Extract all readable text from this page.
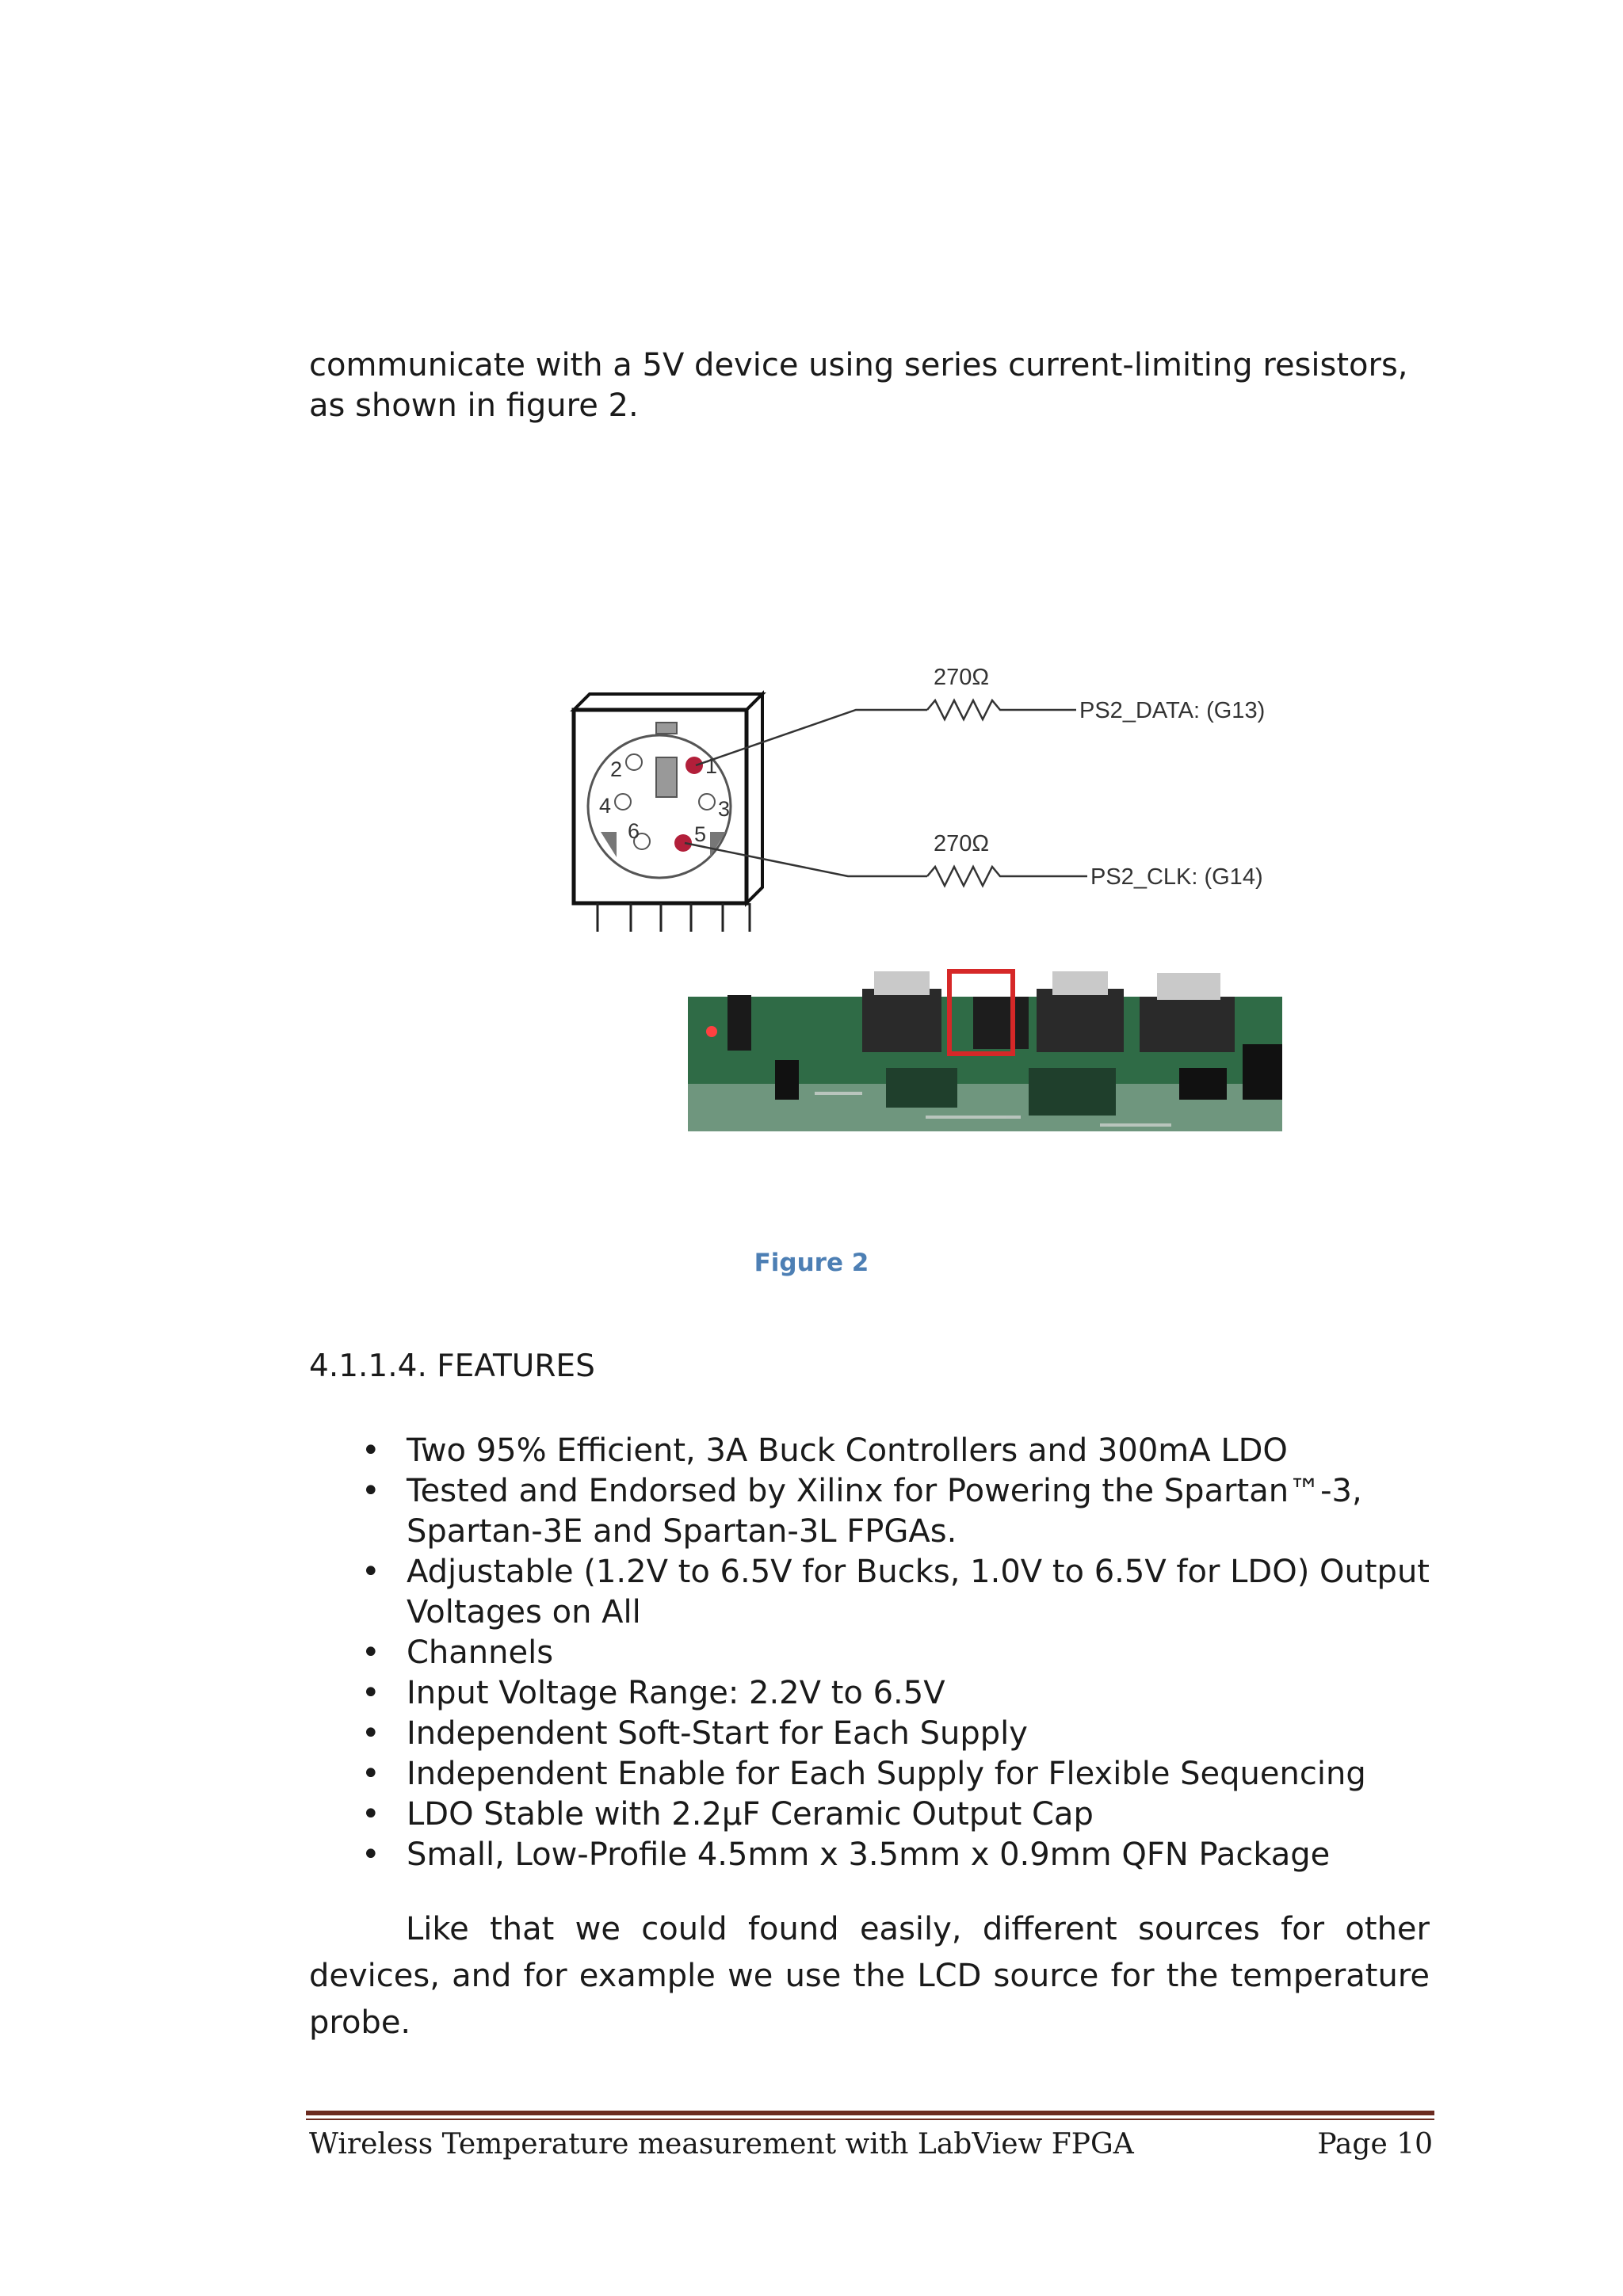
communicate with a 5V device using series current-limiting resistors, as shown in figure 2.

1
2
3
4
5
6
270Ω
PS2_DATA: (G13)
270Ω
PS2_CLK: (G14)
Figure 2
4.1.1.4. FEATURES
• Two 95% Efficient, 3A Buck Controllers and 300mA LDO
• Tested and Endorsed by Xilinx for Powering the Spartan™-3, Spartan-3E and Spartan-3L FPGAs.
• Adjustable (1.2V to 6.5V for Bucks, 1.0V to 6.5V for LDO) Output Voltages on All
• Channels
• Input Voltage Range: 2.2V to 6.5V
• Independent Soft-Start for Each Supply
• Independent Enable for Each Supply for Flexible Sequencing
• LDO Stable with 2.2µF Ceramic Output Cap
• Small, Low-Profile 4.5mm x 3.5mm x 0.9mm QFN Package

Like that we could found easily, different sources for other devices, and for example we use the LCD source for the temperature probe.

Wireless Temperature measurement with LabView FPGA	Page 10
